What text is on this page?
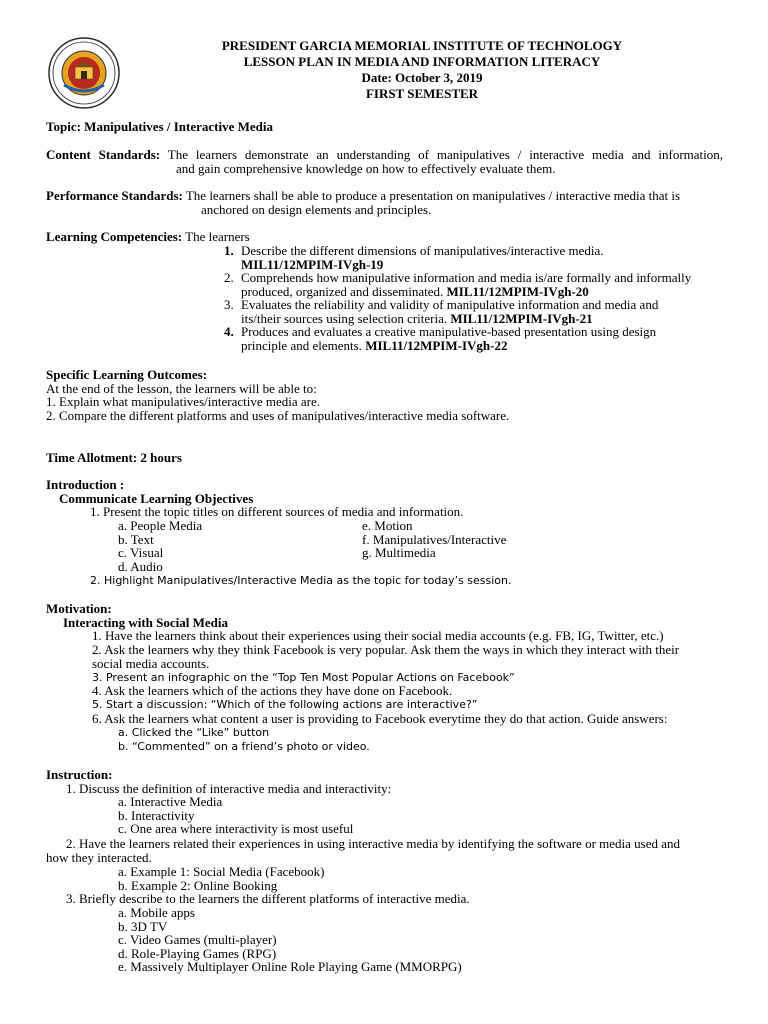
PRESIDENT GARCIA MEMORIAL INSTITUTE OF TECHNOLOGY
LESSON PLAN IN MEDIA AND INFORMATION LITERACY
Date: October 3, 2019
FIRST SEMESTER
Topic: Manipulatives / Interactive Media

Content Standards: The learners demonstrate an understanding of manipulatives / interactive media and information,

and gain comprehensive knowledge on how to effectively evaluate them.

Performance Standards: The learners shall be able to produce a presentation on manipulatives / interactive media that is

anchored on design elements and principles.

Learning Competencies: The learners

1. Describe the different dimensions of manipulatives/interactive media.

MIL11/12MPIM-IVgh-19

2. Comprehends how manipulative information and media is/are formally and informally

produced, organized and disseminated. MIL11/12MPIM-IVgh-20

3. Evaluates the reliability and validity of manipulative information and media and

its/their sources using selection criteria. MIL11/12MPIM-IVgh-21

4. Produces and evaluates a creative manipulative-based presentation using design

principle and elements. MIL11/12MPIM-IVgh-22

Specific Learning Outcomes:

At the end of the lesson, the learners will be able to:

1. Explain what manipulatives/interactive media are.

2. Compare the different platforms and uses of manipulatives/interactive media software.

Time Allotment: 2 hours

Introduction :

Communicate Learning Objectives

1. Present the topic titles on different sources of media and information.

a. People Media

b. Text

c. Visual

d. Audio

e. Motion

f. Manipulatives/Interactive

g. Multimedia

2. Highlight Manipulatives/Interactive Media as the topic for today’s session.

Motivation:

Interacting with Social Media

1. Have the learners think about their experiences using their social media accounts (e.g. FB, IG, Twitter, etc.)

2. Ask the learners why they think Facebook is very popular. Ask them the ways in which they interact with their

social media accounts.
3. Present an infographic on the “Top Ten Most Popular Actions on Facebook”
4. Ask the learners which of the actions they have done on Facebook.
5. Start a discussion: “Which of the following actions are interactive?”
6. Ask the learners what content a user is providing to Facebook everytime they do that action. Guide answers:
a. Clicked the “Like” button
b. “Commented” on a friend’s photo or video.

Instruction:

1. Discuss the definition of interactive media and interactivity:

a. Interactive Media

b. Interactivity

c. One area where interactivity is most useful

2. Have the learners related their experiences in using interactive media by identifying the software or media used and

how they interacted.

a. Example 1: Social Media (Facebook)

b. Example 2: Online Booking

3. Briefly describe to the learners the different platforms of interactive media.

a. Mobile apps

b. 3D TV

c. Video Games (multi-player)

d. Role-Playing Games (RPG)

e. Massively Multiplayer Online Role Playing Game (MMORPG)
